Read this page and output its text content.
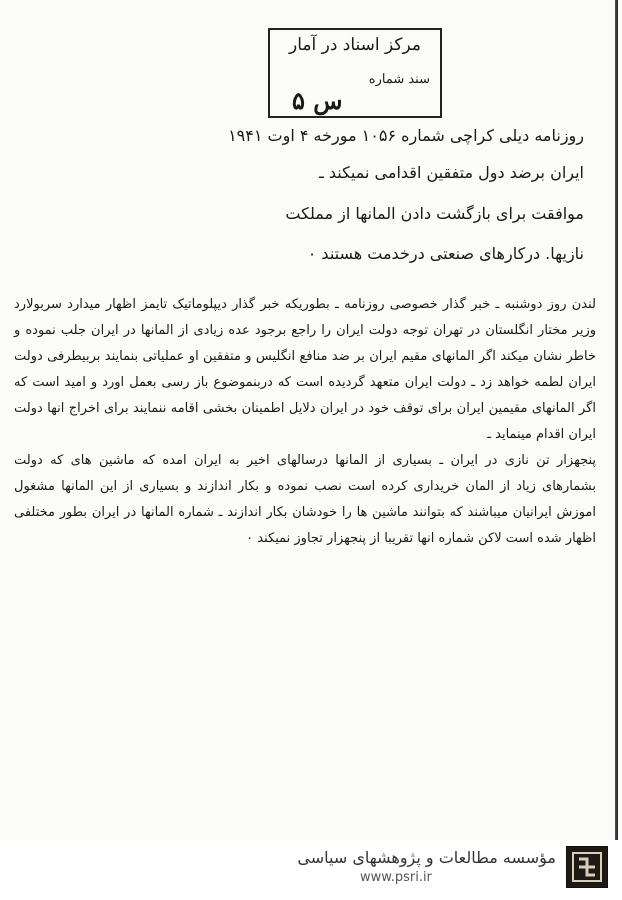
مرکز اسناد در آمار
سند شماره
۵ س
روزنامه دیلی کراچی شماره ۱۰۵۶ مورخه ۴ اوت ۱۹۴۱
ایران برضد دول متفقین اقدامی نمیکند ـ
موافقت برای بازگشت دادن المانها از مملکت
نازیها. درکارهای صنعتی درخدمت هستند ۰

لندن روز دوشنبه ـ خبر گذار خصوصی روزنامه ـ بطوریکه خبر گذار دیپلوماتیک تایمز اظهار میدارد سربولارد وزیر مختار انگلستان در تهران توجه دولت ایران را راجع برجود عده زیادی از المانها در ایران جلب نموده و خاطر نشان میکند اگر المانهای مقیم ایران بر ضد منافع انگلیس و متفقین او عملیاتی بنمایند بربیطرفی دولت ایران لطمه خواهد زد ـ دولت ایران متعهد گردیده است که دربنموضوع باز رسی بعمل اورد و امید است که اگر المانهای مقیمین ایران برای توقف خود در ایران دلایل اطمینان بخشی اقامه ننمایند برای اخراج انها دولت ایران اقدام مینماید ـ

پنجهزار تن نازی در ایران ـ بسیاری از المانها درسالهای اخیر به ایران امده که ماشین های که دولت بشمارهای زیاد از المان خریداری کرده است نصب نموده و بکار اندازند و بسیاری از این المانها مشغول اموزش ایرانیان میباشند که بتوانند ماشین ها را خودشان بکار اندازند ـ شماره المانها در ایران بطور مختلفی اظهار شده است لاکن شماره انها تقریبا از پنجهزار تجاوز نمیکند ۰

مؤسسه مطالعات و پژوهشهای سیاسی
www.psri.ir
